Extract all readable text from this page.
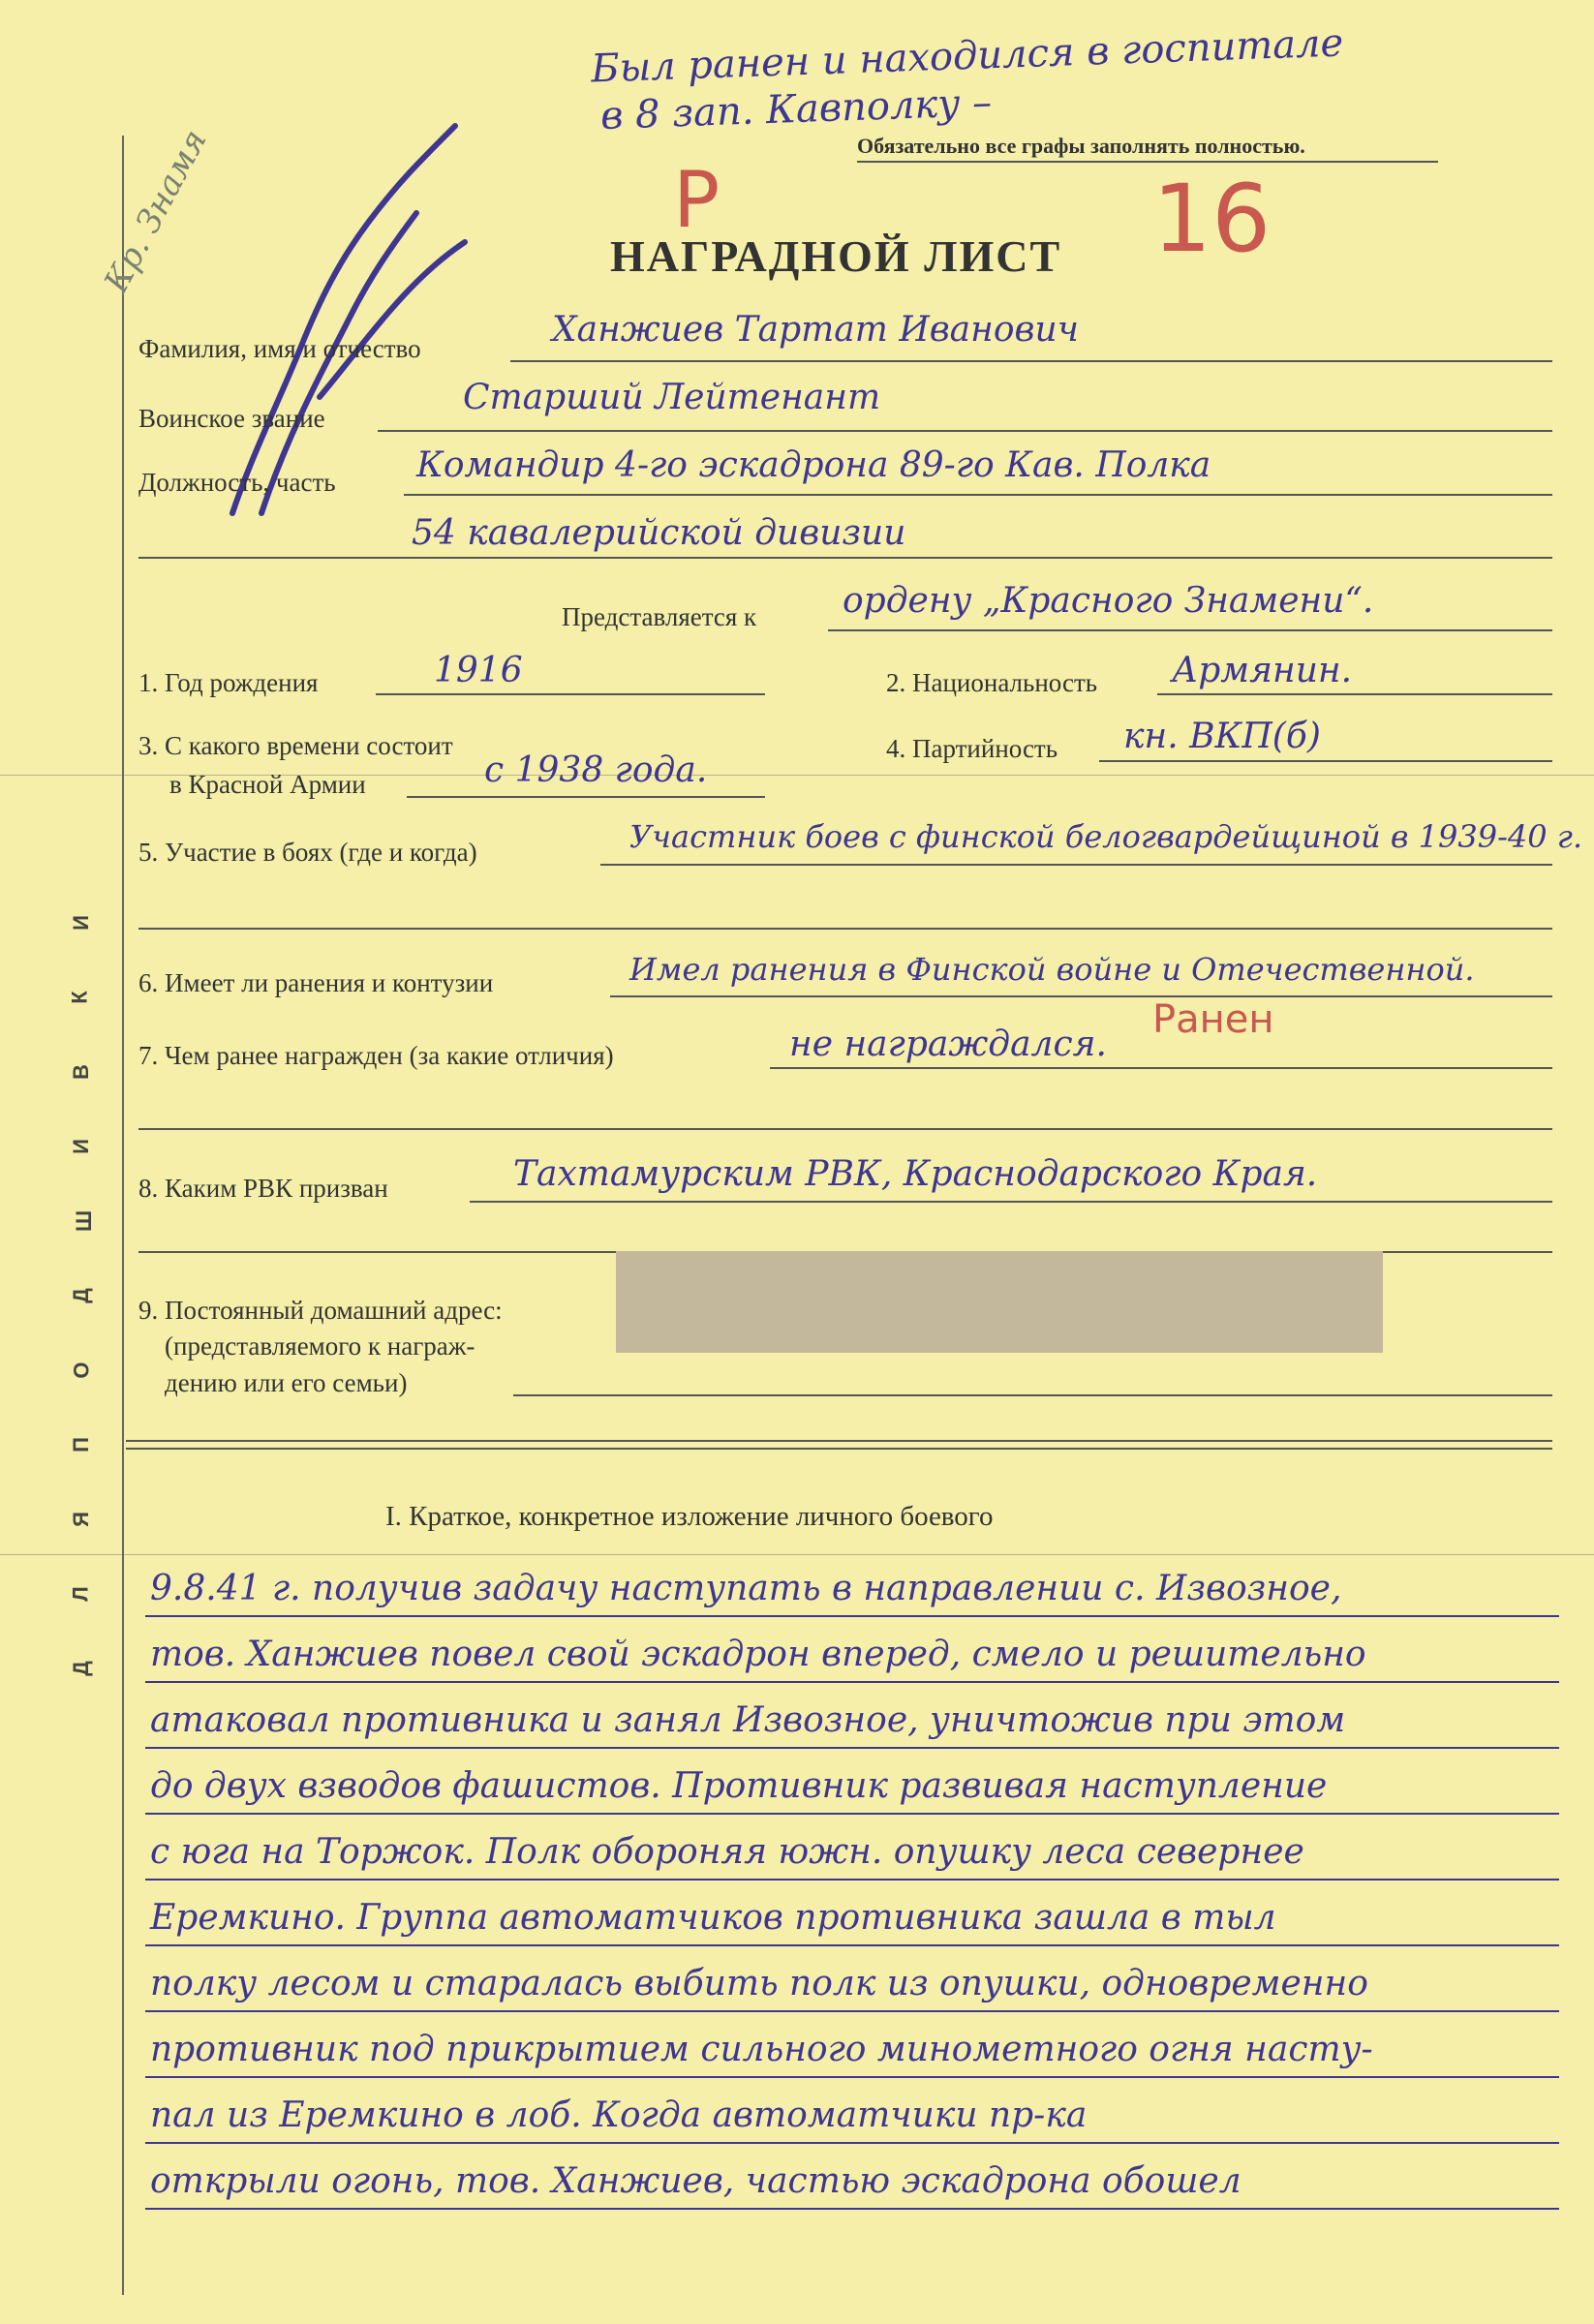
Д
Л
Я
П
О
Д
Ш
И
В
К
И
Был ранен и находился в госпитале
в 8 зап. Кавполку –
Обязательно все графы заполнять полностью.
Р	16
Кр. Знамя	НАГРАДНОЙ ЛИСТ
Фамилия, имя и отчество	Ханжиев Тартат Иванович
Воинское звание
Старший Лейтенант
Должность, часть Командир 4-го эскадрона 89-го Кав. Полка
54 кавалерийской дивизии
Представляется к ордену „Красного Знамени“.
1. Год рождения	1916	2. Национальность Армянин.
3. С какого времени состоит
в Красной Армии	с 1938 года.
4. Партийность кн. ВКП(б)
5. Участие в боях (где и когда)	Участник боев с финской белогвардейщиной в 1939-40 г.
6. Имеет ли ранения и контузии	Имел ранения в Финской войне и Отечественной.
Ранен
7. Чем ранее награжден (за какие отличия)	не награждался.
8. Каким РВК призван	Тахтамурским РВК, Краснодарского Края.
9. Постоянный домашний адрес:
(представляемого к награж-
дению или его семьи)
I. Краткое, конкретное изложение личного боевого
9.8.41 г. получив задачу наступать в направлении с. Извозное,
тов. Ханжиев повел свой эскадрон вперед, смело и решительно
атаковал противника и занял Извозное, уничтожив при этом
до двух взводов фашистов. Противник развивая наступление
с юга на Торжок. Полк обороняя южн. опушку леса севернее
Еремкино. Группа автоматчиков противника зашла в тыл
полку лесом и старалась выбить полк из опушки, одновременно
противник под прикрытием сильного минометного огня насту-
пал из Еремкино в лоб. Когда автоматчики пр-ка
открыли огонь, тов. Ханжиев, частью эскадрона обошел
